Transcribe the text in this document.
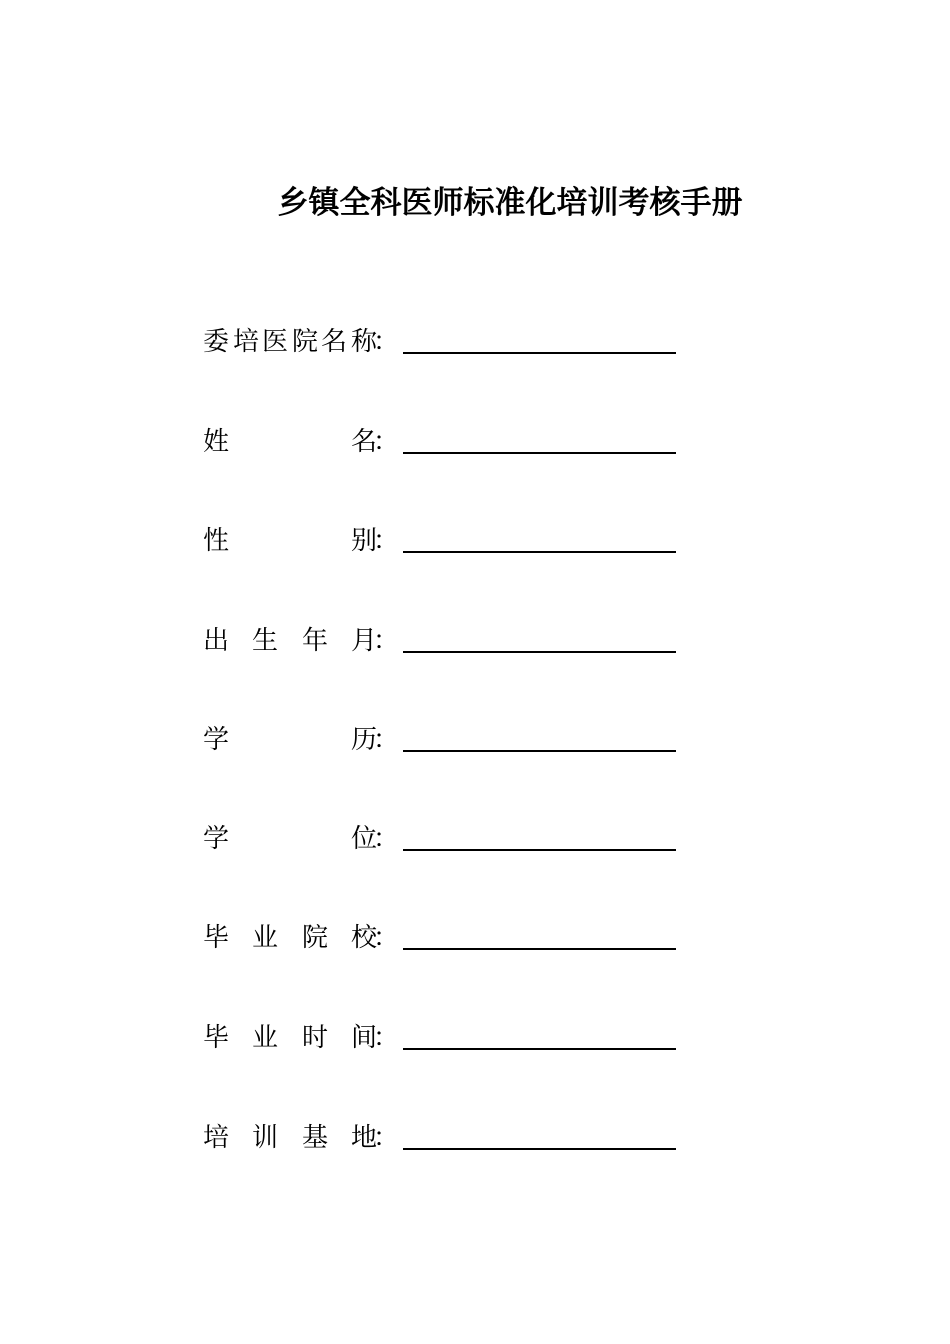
乡镇全科医师标准化培训考核手册
委 培 医 院 名 称
：
姓	名
：
性	别
：
出 生 年 月
：
学	历
：
学	位
：
毕 业 院 校
：
毕 业 时 间
：
培 训 基 地
：
